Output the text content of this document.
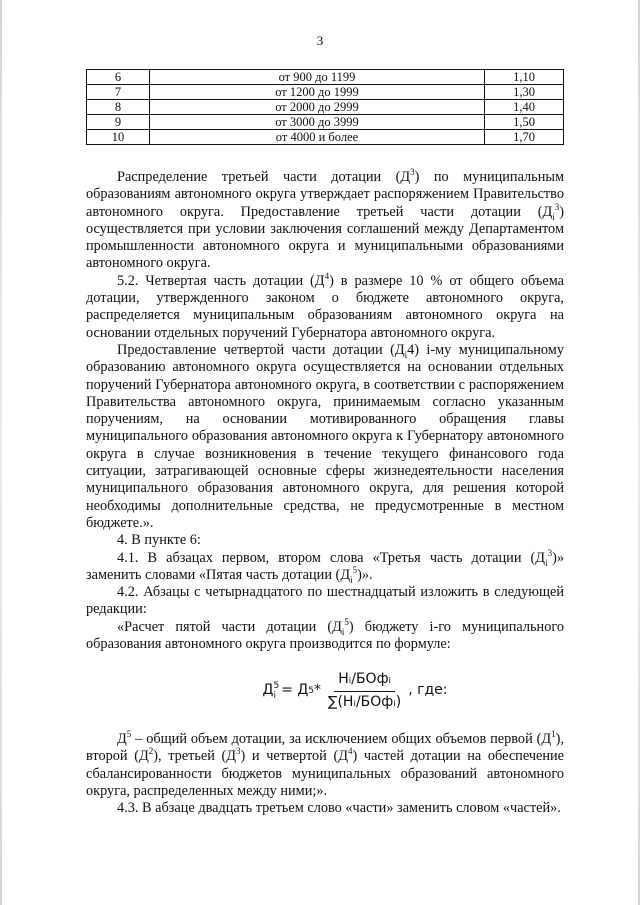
3
6	от 900 до 1199	1,10
7	от 1200 до 1999	1,30
8	от 2000 до 2999	1,40
9	от 3000 до 3999	1,50
10	от 4000 и более	1,70

Распределение третьей части дотации $(Д^3)$ по муниципальным образованиям автономного округа утверждает распоряжением Правительство автономного округа. Предоставление третьей части дотации $(Д_i^3)$ осуществляется при условии заключения соглашений между Департаментом промышленности автономного округа и муниципальными образованиями автономного округа.

5.2. Четвертая часть дотации $(Д^4)$ в размере 10 % от общего объема дотации, утвержденного законом о бюджете автономного округа, распределяется муниципальным образованиям автономного округа на основании отдельных поручений Губернатора автономного округа.

Предоставление четвертой части дотации $(Д_i4)$ i-му муниципальному образованию автономного округа осуществляется на основании отдельных поручений Губернатора автономного округа, в соответствии с распоряжением Правительства автономного округа, принимаемым согласно указанным поручениям, на основании мотивированного обращения главы муниципального образования автономного округа к Губернатору автономного округа в случае возникновения в течение текущего финансового года ситуации, затрагивающей основные сферы жизнедеятельности населения муниципального образования автономного округа, для решения которой необходимы дополнительные средства, не предусмотренные в местном бюджете.».

4. В пункте 6:

4.1. В абзацах первом, втором слова «Третья часть дотации $(Д_i^3)$» заменить словами «Пятая часть дотации $(Д_i^5)$».

4.2. Абзацы с четырнадцатого по шестнадцатый изложить в следующей редакции:

«Расчет пятой части дотации $(Д_i^5)$ бюджету i-го муниципального образования автономного округа производится по формуле:

Д 5
i = Д $5 * \frac{\text{Hᵢ/БОфᵢ}}{\text{∑(Hᵢ/БОфᵢ)}}$ , где:

$Д^5$ – общий объем дотации, за исключением общих объемов первой $(Д^1)$, второй $(Д^2)$, третьей $(Д^3)$ и четвертой $(Д^4)$ частей дотации на обеспечение сбалансированности бюджетов муниципальных образований автономного округа, распределенных между ними;».

4.3. В абзаце двадцать третьем слово «части» заменить словом «частей».
